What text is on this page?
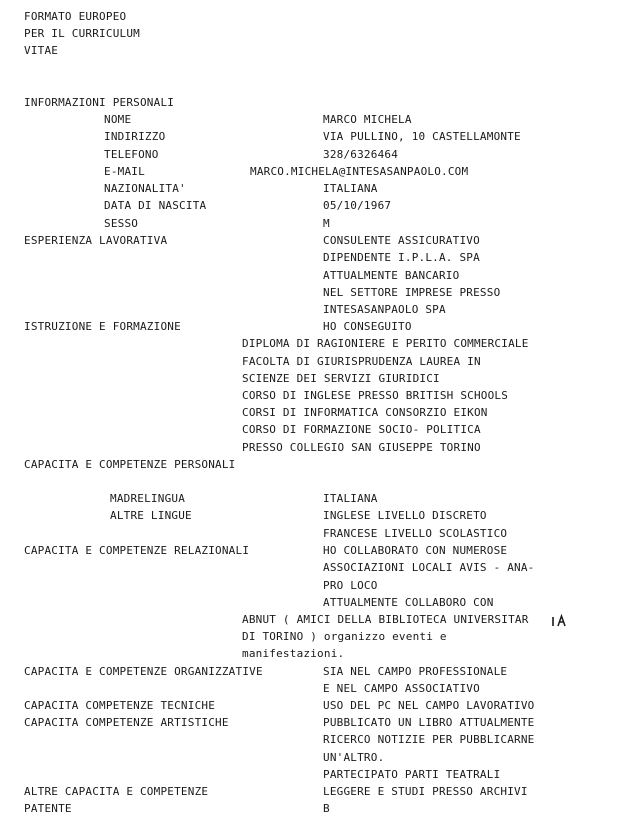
FORMATO EUROPEO
PER IL CURRICULUM
VITAE
INFORMAZIONI PERSONALI
NOME	MARCO MICHELA
INDIRIZZO	VIA PULLINO, 10 CASTELLAMONTE
TELEFONO	328/6326464
E-MAIL	MARCO.MICHELA@INTESASANPAOLO.COM
NAZIONALITA'	ITALIANA
DATA DI NASCITA	05/10/1967
SESSO	M
ESPERIENZA LAVORATIVA	CONSULENTE ASSICURATIVO
DIPENDENTE I.P.L.A. SPA
ATTUALMENTE BANCARIO
NEL SETTORE IMPRESE PRESSO
INTESASANPAOLO SPA
ISTRUZIONE E FORMAZIONE	HO CONSEGUITO
DIPLOMA DI RAGIONIERE E PERITO COMMERCIALE
FACOLTA DI GIURISPRUDENZA LAUREA IN
SCIENZE DEI SERVIZI GIURIDICI
CORSO DI INGLESE PRESSO BRITISH SCHOOLS
CORSI DI INFORMATICA CONSORZIO EIKON
CORSO DI FORMAZIONE SOCIO- POLITICA
PRESSO COLLEGIO SAN GIUSEPPE TORINO
CAPACITA E COMPETENZE PERSONALI
MADRELINGUA	ITALIANA
ALTRE LINGUE	INGLESE LIVELLO DISCRETO
FRANCESE LIVELLO SCOLASTICO
CAPACITA E COMPETENZE RELAZIONALI	HO COLLABORATO CON NUMEROSE
ASSOCIAZIONI LOCALI AVIS - ANA-
PRO LOCO
ATTUALMENTE COLLABORO CON
ABNUT ( AMICI DELLA BIBLIOTECA UNIVERSITAR
DI TORINO ) organizzo eventi e
manifestazioni.
CAPACITA E COMPETENZE ORGANIZZATIVE	SIA NEL CAMPO PROFESSIONALE
E NEL CAMPO ASSOCIATIVO
CAPACITA COMPETENZE TECNICHE	USO DEL PC NEL CAMPO LAVORATIVO
CAPACITA COMPETENZE ARTISTICHE	PUBBLICATO UN LIBRO ATTUALMENTE
RICERCO NOTIZIE PER PUBBLICARNE
UN'ALTRO.
PARTECIPATO PARTI TEATRALI
ALTRE CAPACITA E COMPETENZE	LEGGERE E STUDI PRESSO ARCHIVI
PATENTE	B
